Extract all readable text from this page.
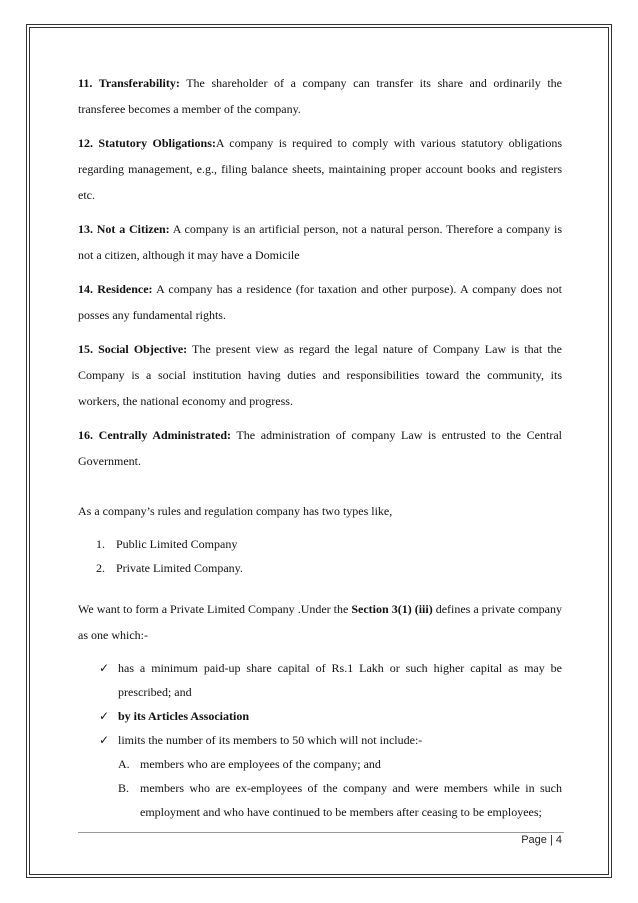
11. Transferability: The shareholder of a company can transfer its share and ordinarily the transferee becomes a member of the company.

12. Statutory Obligations:A company is required to comply with various statutory obligations regarding management, e.g., filing balance sheets, maintaining proper account books and registers etc.

13. Not a Citizen: A company is an artificial person, not a natural person. Therefore a company is not a citizen, although it may have a Domicile

14. Residence: A company has a residence (for taxation and other purpose). A company does not posses any fundamental rights.

15. Social Objective: The present view as regard the legal nature of Company Law is that the Company is a social institution having duties and responsibilities toward the community, its workers, the national economy and progress.

16. Centrally Administrated: The administration of company Law is entrusted to the Central Government.

As a company’s rules and regulation company has two types like,

1. Public Limited Company
2. Private Limited Company.

We want to form a Private Limited Company .Under the Section 3(1) (iii) defines a private company as one which:-

✓ has a minimum paid-up share capital of Rs.1 Lakh or such higher capital as may be prescribed; and
✓ by its Articles Association
✓ limits the number of its members to 50 which will not include:-
A. members who are employees of the company; and
B. members who are ex-employees of the company and were members while in such employment and who have continued to be members after ceasing to be employees;
Page | 4
